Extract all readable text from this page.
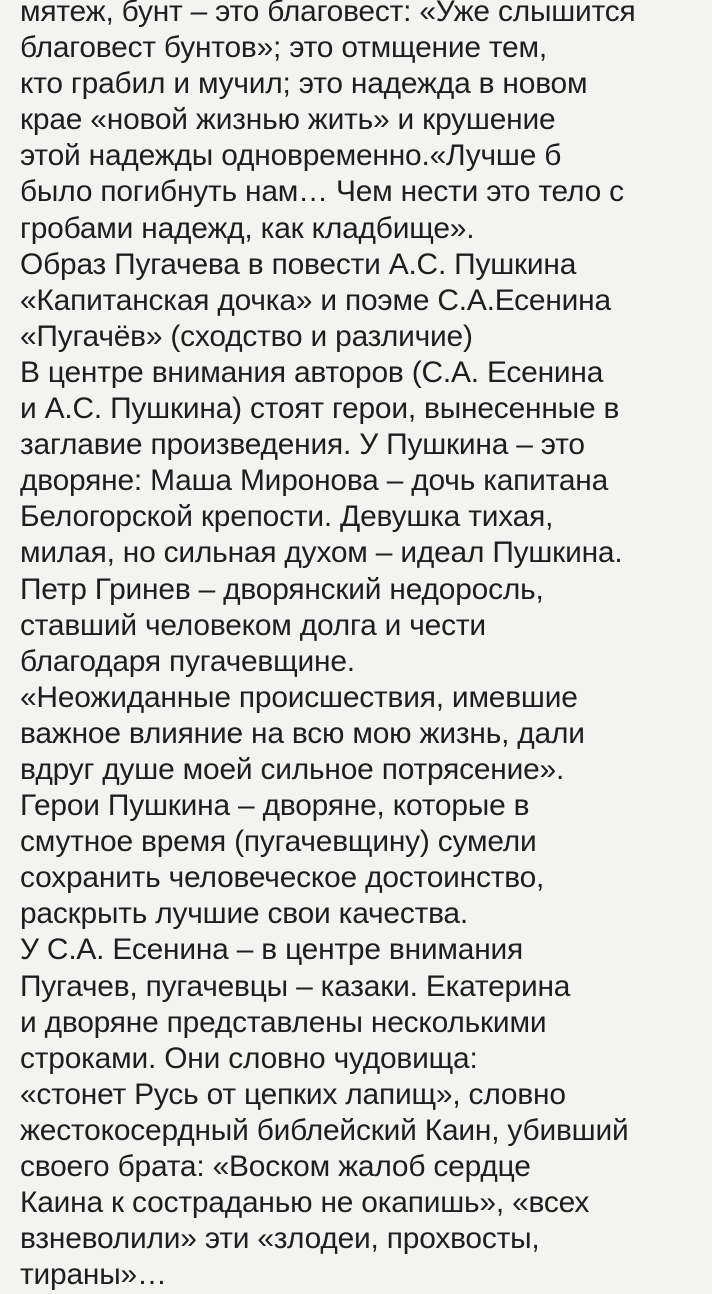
мятеж, бунт – это благовест: «Уже слышится
благовест бунтов»; это отмщение тем,
кто грабил и мучил; это надежда в новом
крае «новой жизнью жить» и крушение
этой надежды одновременно.«Лучше б
было погибнуть нам… Чем нести это тело с
гробами надежд, как кладбище».
Образ Пугачева в повести А.С. Пушкина
«Капитанская дочка» и поэме С.А.Есенина
«Пугачёв» (сходство и различие)
В центре внимания авторов (С.А. Есенина
и А.С. Пушкина) стоят герои, вынесенные в
заглавие произведения. У Пушкина – это
дворяне: Маша Миронова – дочь капитана
Белогорской крепости. Девушка тихая,
милая, но сильная духом – идеал Пушкина.
Петр Гринев – дворянский недоросль,
ставший человеком долга и чести
благодаря пугачевщине.
«Неожиданные происшествия, имевшие
важное влияние на всю мою жизнь, дали
вдруг душе моей сильное потрясение».
Герои Пушкина – дворяне, которые в
смутное время (пугачевщину) сумели
сохранить человеческое достоинство,
раскрыть лучшие свои качества.
У С.А. Есенина – в центре внимания
Пугачев, пугачевцы – казаки. Екатерина
и дворяне представлены несколькими
строками. Они словно чудовища:
«стонет Русь от цепких лапищ», словно
жестокосердный библейский Каин, убивший
своего брата: «Воском жалоб сердце
Каина к состраданью не окапишь», «всех
взневолили» эти «злодеи, прохвосты,
тираны»…
